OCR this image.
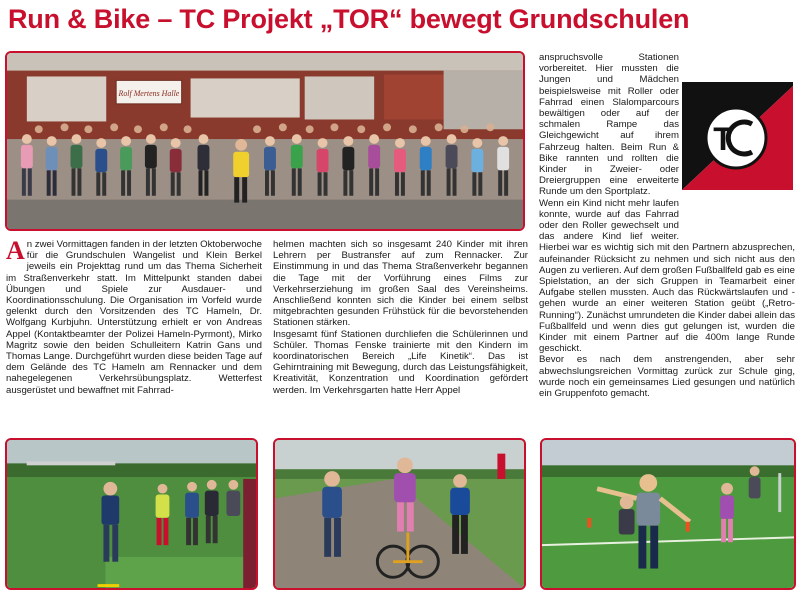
Run & Bike – TC Projekt „TOR“ bewegt Grundschulen
Rolf Mertens Halle
T

An zwei Vormittagen fanden in der letzten Oktoberwoche für die Grundschulen Wangelist und Klein Berkel jeweils ein Projekttag rund um das Thema Sicherheit im Straßenverkehr statt. Im Mittelpunkt standen dabei Übungen und Spiele zur Ausdauer- und Koordinationsschulung. Die Organisation im Vorfeld wurde gelenkt durch den Vorsitzenden des TC Hameln, Dr. Wolfgang Kurbjuhn. Unterstützung erhielt er von Andreas Appel (Kontaktbeamter der Polizei Hameln-Pyrmont), Mirko Magritz sowie den beiden Schulleitern Katrin Gans und Thomas Lange. Durchgeführt wurden diese beiden Tage auf dem Gelände des TC Hameln am Rennacker und dem nahegelegenen Verkehrsübungsplatz. Wetterfest ausgerüstet und bewaffnet mit Fahrrad-

helmen machten sich so insgesamt 240 Kinder mit ihren Lehrern per Bustransfer auf zum Rennacker. Zur Einstimmung in und das Thema Straßenverkehr begannen die Tage mit der Vorführung eines Films zur Verkehrserziehung im großen Saal des Vereinsheims. Anschließend konnten sich die Kinder bei einem selbst mitgebrachten gesunden Frühstück für die bevorstehenden Stationen stärken.

Insgesamt fünf Stationen durchliefen die Schülerinnen und Schüler. Thomas Fenske trainierte mit den Kindern im koordinatorischen Bereich „Life Kinetik“. Das ist Gehirntraining mit Bewegung, durch das Leistungsfähigkeit, Kreativität, Konzentration und Koordination gefördert werden. Im Verkehrsgarten hatte Herr Appel

anspruchsvolle Stationen vorbereitet. Hier mussten die Jungen und Mädchen beispielsweise mit Roller oder Fahrrad einen Slalomparcours bewältigen oder auf der schmalen Rampe das Gleichgewicht auf ihrem Fahrzeug halten. Beim Run & Bike rannten und rollten die Kinder in Zweier- oder Dreiergruppen eine erweiterte Runde um den Sportplatz.

Wenn ein Kind nicht mehr laufen konnte, wurde auf das Fahrrad oder den Roller gewechselt und das andere Kind lief weiter. Hierbei war es wichtig sich mit den Partnern abzusprechen, aufeinander Rücksicht zu nehmen und sich nicht aus den Augen zu verlieren. Auf dem großen Fußballfeld gab es eine Spielstation, an der sich Gruppen in Teamarbeit einer Aufgabe stellen mussten. Auch das Rückwärtslaufen und -gehen wurde an einer weiteren Station geübt („Retro-Running“). Zunächst umrundeten die Kinder dabei allein das Fußballfeld und wenn dies gut gelungen ist, wurden die Kinder mit einem Partner auf die 400m lange Runde geschickt.

Bevor es nach dem anstrengenden, aber sehr abwechslungsreichen Vormittag zurück zur Schule ging, wurde noch ein gemeinsames Lied gesungen und natürlich ein Gruppenfoto gemacht.
